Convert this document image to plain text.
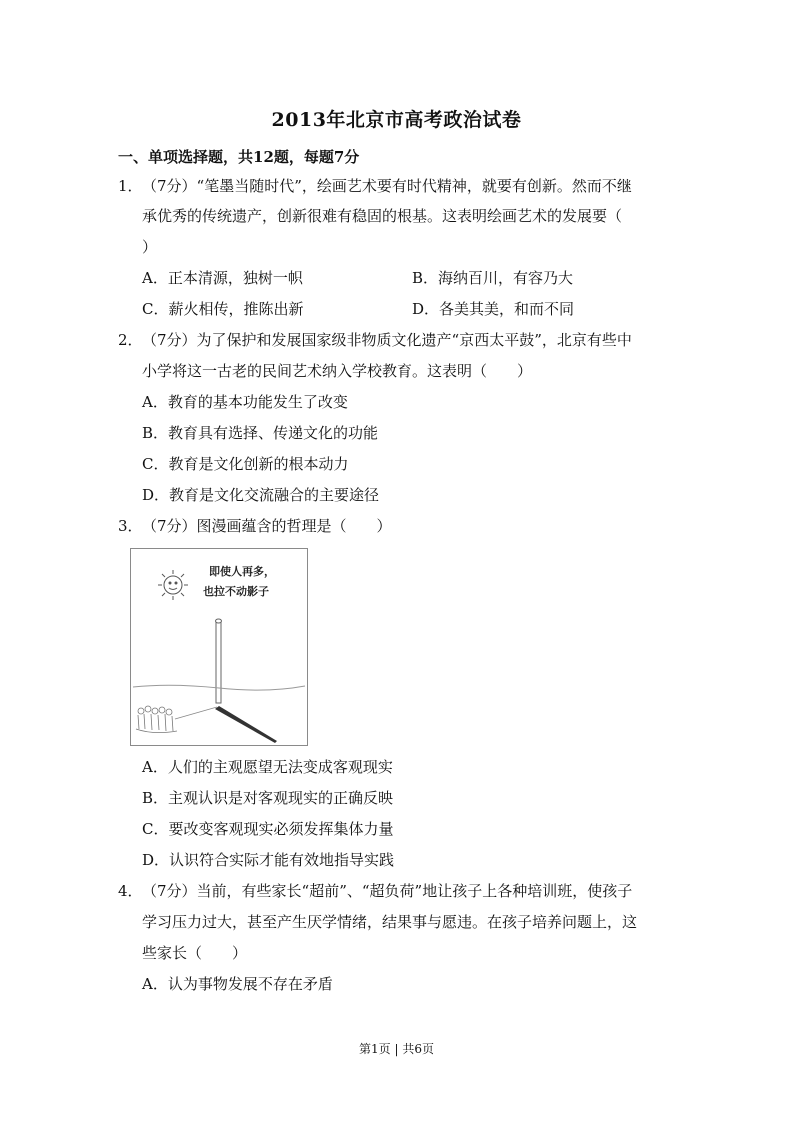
2013年北京市高考政治试卷
一、单项选择题，共12题，每题7分
1．（7分）“笔墨当随时代”，绘画艺术要有时代精神，就要有创新。然而不继
承优秀的传统遗产，创新很难有稳固的根基。这表明绘画艺术的发展要（
）
A．正本清源，独树一帜	B．海纳百川，有容乃大
C．薪火相传，推陈出新	D．各美其美，和而不同
2．（7分）为了保护和发展国家级非物质文化遗产“京西太平鼓”，北京有些中
小学将这一古老的民间艺术纳入学校教育。这表明（　　）
A．教育的基本功能发生了改变
B．教育具有选择、传递文化的功能
C．教育是文化创新的根本动力
D．教育是文化交流融合的主要途径
3．（7分）图漫画蕴含的哲理是（　　）
即使人再多，
也拉不动影子
A．人们的主观愿望无法变成客观现实
B．主观认识是对客观现实的正确反映
C．要改变客观现实必须发挥集体力量
D．认识符合实际才能有效地指导实践
4．（7分）当前，有些家长“超前”、“超负荷”地让孩子上各种培训班，使孩子
学习压力过大，甚至产生厌学情绪，结果事与愿违。在孩子培养问题上，这
些家长（　　）
A．认为事物发展不存在矛盾
第1页 | 共6页
